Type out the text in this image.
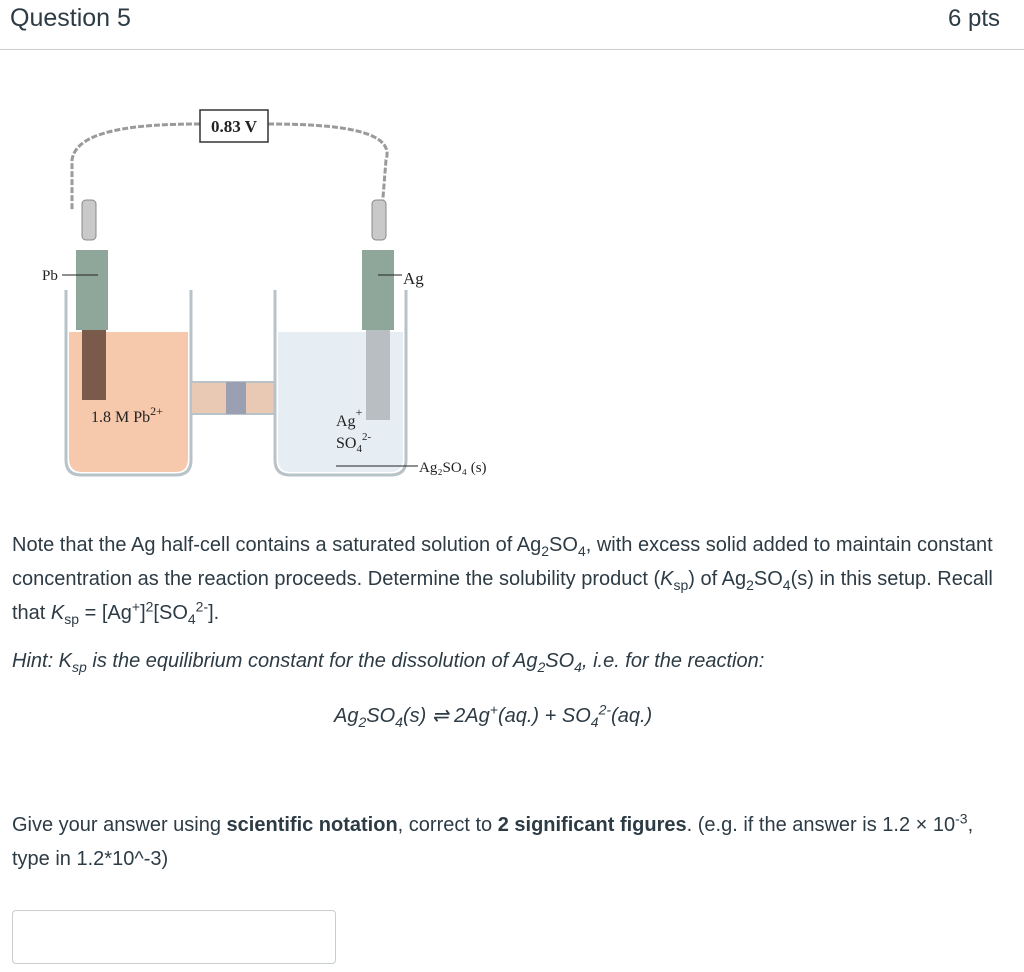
Question 5	6 pts
0.83 V
Pb	Ag
1.8 M $Pb^{2+}$
Ag+
$SO_4^{2-}$
Ag₂SO₄ (s)
Note that the Ag half-cell contains a saturated solution of $Ag_2SO_4$, with excess solid added to maintain constant concentration as the reaction proceeds. Determine the solubility product $(K_{sp})$ of $Ag_2SO_4(s)$ in this setup. Recall that $K_{sp} = [Ag^+]^2[SO_4^{2-}]$.
Hint: $K_{sp}$ is the equilibrium constant for the dissolution of $Ag_2SO_4$, i.e. for the reaction:
$Ag_2SO_4(s)$ ⇌ $2Ag^+(aq.) + SO_4^{2-}(aq.)$
Give your answer using scientific notation, correct to 2 significant figures. (e.g. if the answer is $1.2 \times 10^{-3}$, type in 1.2*10^-3)
